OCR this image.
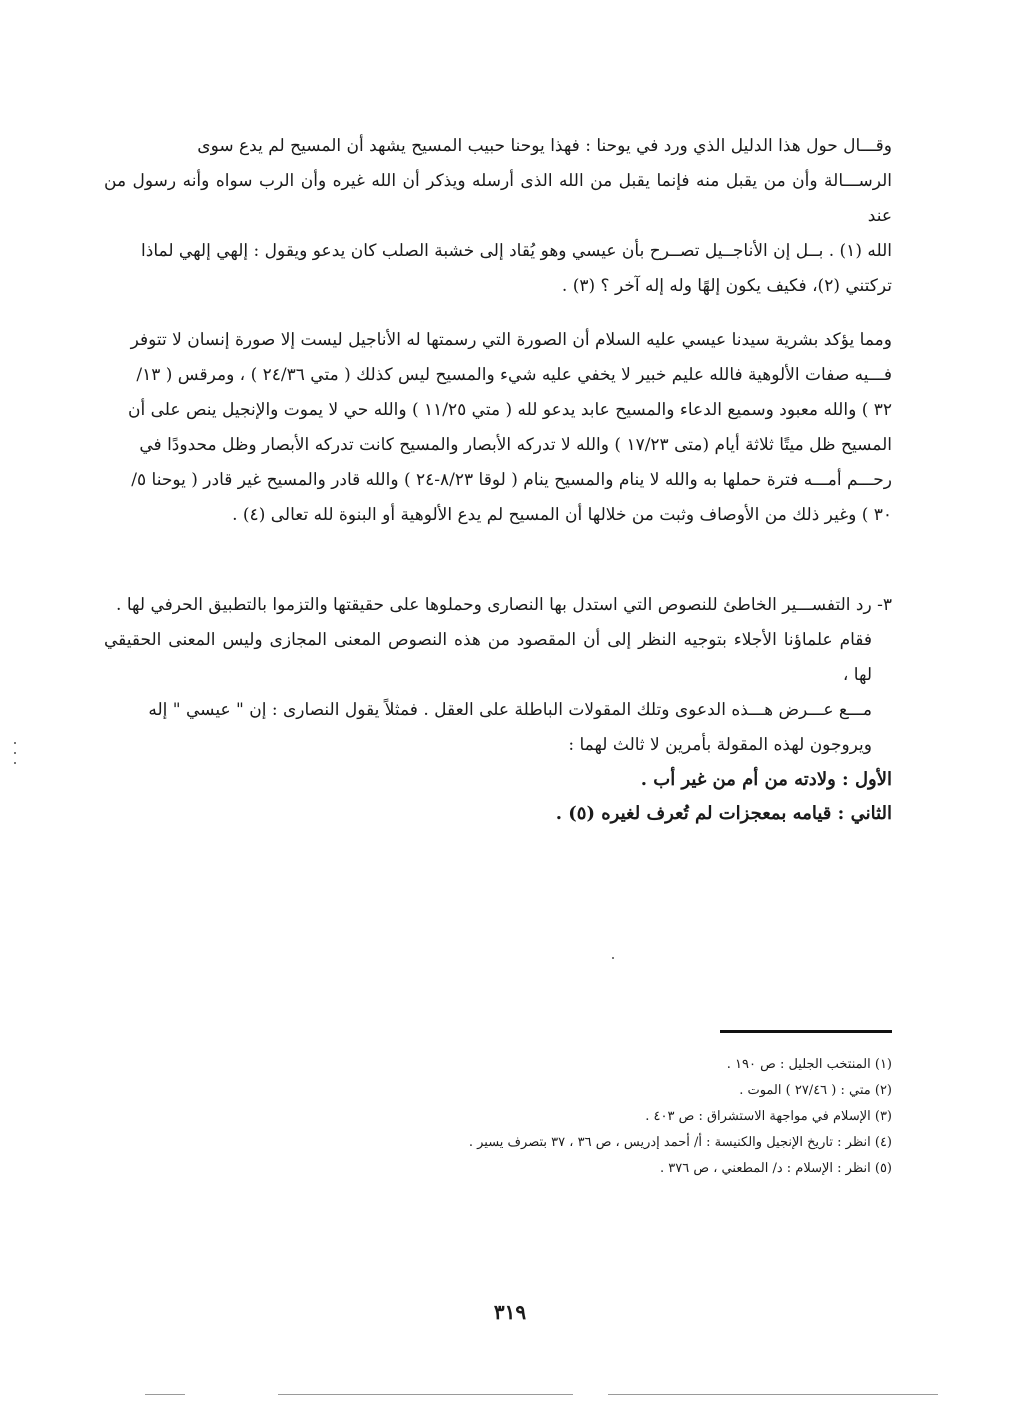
وقـــال حول هذا الدليل الذي ورد في يوحنا : فهذا يوحنا حبيب المسيح يشهد أن المسيح لم يدع سوى
الرســـالة وأن من يقبل منه فإنما يقبل من الله الذى أرسله ويذكر أن الله غيره وأن الرب سواه وأنه رسول من عند
الله (١) . بــل إن الأناجــيل تصــرح بأن عيسي وهو يُقاد إلى خشبة الصلب كان يدعو ويقول : إلهي إلهي لماذا
تركتني (٢)، فكيف يكون إلهًا وله إله آخر ؟ (٣) .
ومما يؤكد بشرية سيدنا عيسي عليه السلام أن الصورة التي رسمتها له الأناجيل ليست إلا صورة إنسان لا تتوفر
فـــيه صفات الألوهية فالله عليم خبير لا يخفي عليه شيء والمسيح ليس كذلك ( متي ٢٤/٣٦ ) ، ومرقس ( ١٣/
٣٢ ) والله معبود وسميع الدعاء والمسيح عابد يدعو لله ( متي ١١/٢٥ ) والله حي لا يموت والإنجيل ينص على أن
المسيح ظل ميتًا ثلاثة أيام (متى ١٧/٢٣ ) والله لا تدركه الأبصار والمسيح كانت تدركه الأبصار وظل محدودًا في
رحـــم أمـــه فترة حملها به والله لا ينام والمسيح ينام ( لوقا ٨/٢٣-٢٤ ) والله قادر والمسيح غير قادر ( يوحنا ٥/
٣٠ ) وغير ذلك من الأوصاف وثبت من خلالها أن المسيح لم يدع الألوهية أو البنوة لله تعالى (٤) .
٣- رد التفســـير الخاطئ للنصوص التي استدل بها النصارى وحملوها على حقيقتها والتزموا بالتطبيق الحرفي لها .
فقام علماؤنا الأجلاء بتوجيه النظر إلى أن المقصود من هذه النصوص المعنى المجازى وليس المعنى الحقيقي لها ،
مـــع عـــرض هـــذه الدعوى وتلك المقولات الباطلة على العقل . فمثلاً يقول النصارى : إن " عيسي " إله
ويروجون لهذه المقولة بأمرين لا ثالث لهما :
الأول : ولادته من أم من غير أب .
الثاني : قيامه بمعجزات لم تُعرف لغيره (٥) .
(١) المنتخب الجليل : ص ١٩٠ .
(٢) متي : ( ٢٧/٤٦ ) الموت .
(٣) الإسلام في مواجهة الاستشراق : ص ٤٠٣ .
(٤) انظر : تاريخ الإنجيل والكنيسة : أ/ أحمد إدريس ، ص ٣٦ ، ٣٧ بتصرف يسير .
(٥) انظر : الإسلام : د/ المطعني ، ص ٣٧٦ .
٣١٩
